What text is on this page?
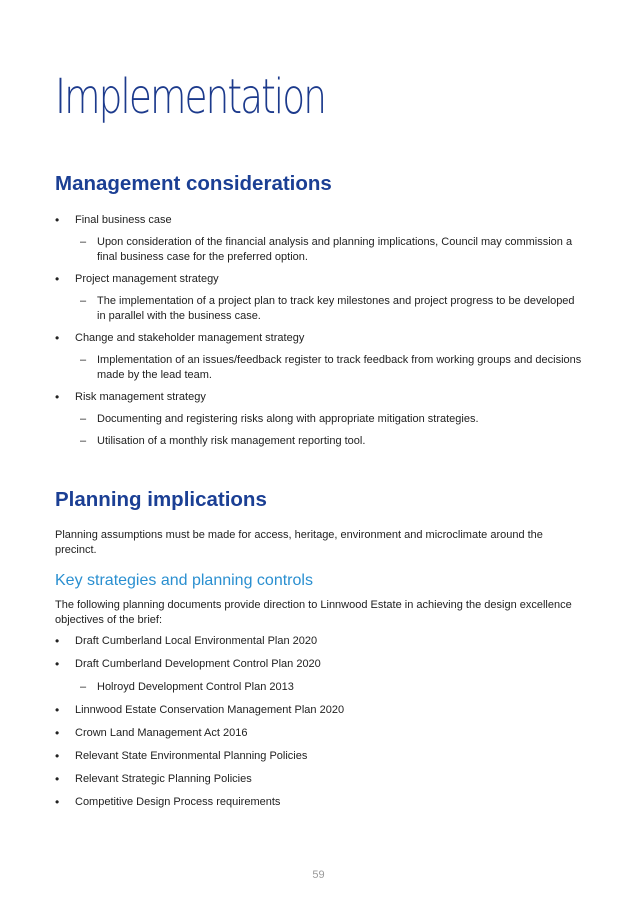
Implementation
Management considerations
• Final business case
– Upon consideration of the financial analysis and planning implications, Council may commission a final business case for the preferred option.
• Project management strategy
– The implementation of a project plan to track key milestones and project progress to be developed in parallel with the business case.
• Change and stakeholder management strategy
– Implementation of an issues/feedback register to track feedback from working groups and decisions made by the lead team.
• Risk management strategy
– Documenting and registering risks along with appropriate mitigation strategies.
– Utilisation of a monthly risk management reporting tool.
Planning implications

Planning assumptions must be made for access, heritage, environment and microclimate around the precinct.

Key strategies and planning controls

The following planning documents provide direction to Linnwood Estate in achieving the design excellence objectives of the brief:

• Draft Cumberland Local Environmental Plan 2020
• Draft Cumberland Development Control Plan 2020
– Holroyd Development Control Plan 2013
• Linnwood Estate Conservation Management Plan 2020
• Crown Land Management Act 2016
• Relevant State Environmental Planning Policies
• Relevant Strategic Planning Policies
• Competitive Design Process requirements
59
